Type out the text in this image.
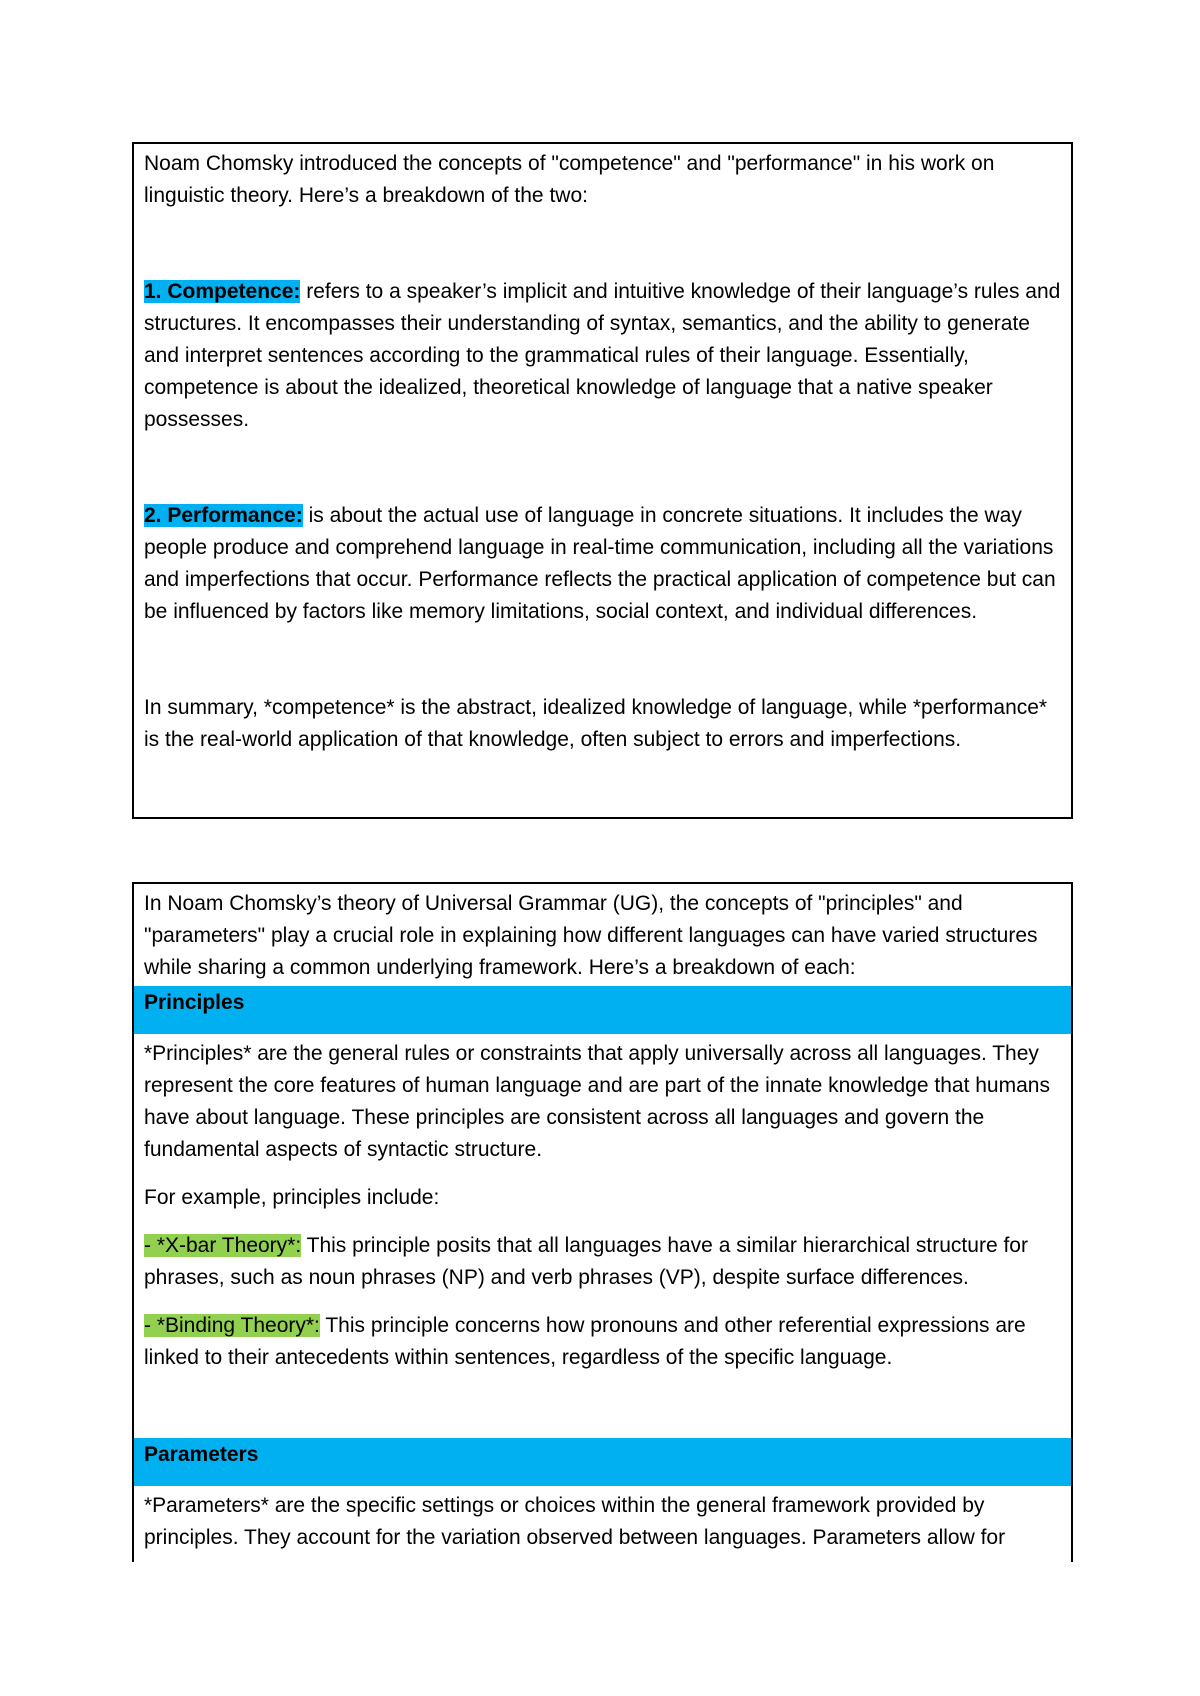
Noam Chomsky introduced the concepts of "competence" and "performance" in his work on linguistic theory. Here’s a breakdown of the two:

1. Competence: refers to a speaker’s implicit and intuitive knowledge of their language’s rules and structures. It encompasses their understanding of syntax, semantics, and the ability to generate and interpret sentences according to the grammatical rules of their language. Essentially, competence is about the idealized, theoretical knowledge of language that a native speaker possesses.

2. Performance: is about the actual use of language in concrete situations. It includes the way people produce and comprehend language in real-time communication, including all the variations and imperfections that occur. Performance reflects the practical application of competence but can be influenced by factors like memory limitations, social context, and individual differences.

In summary, *competence* is the abstract, idealized knowledge of language, while *performance* is the real-world application of that knowledge, often subject to errors and imperfections.

In Noam Chomsky’s theory of Universal Grammar (UG), the concepts of "principles" and "parameters" play a crucial role in explaining how different languages can have varied structures while sharing a common underlying framework. Here’s a breakdown of each:

Principles

*Principles* are the general rules or constraints that apply universally across all languages. They represent the core features of human language and are part of the innate knowledge that humans have about language. These principles are consistent across all languages and govern the fundamental aspects of syntactic structure.

For example, principles include:

- *X-bar Theory*: This principle posits that all languages have a similar hierarchical structure for phrases, such as noun phrases (NP) and verb phrases (VP), despite surface differences.

- *Binding Theory*: This principle concerns how pronouns and other referential expressions are linked to their antecedents within sentences, regardless of the specific language.

Parameters

*Parameters* are the specific settings or choices within the general framework provided by principles. They account for the variation observed between languages. Parameters allow for
